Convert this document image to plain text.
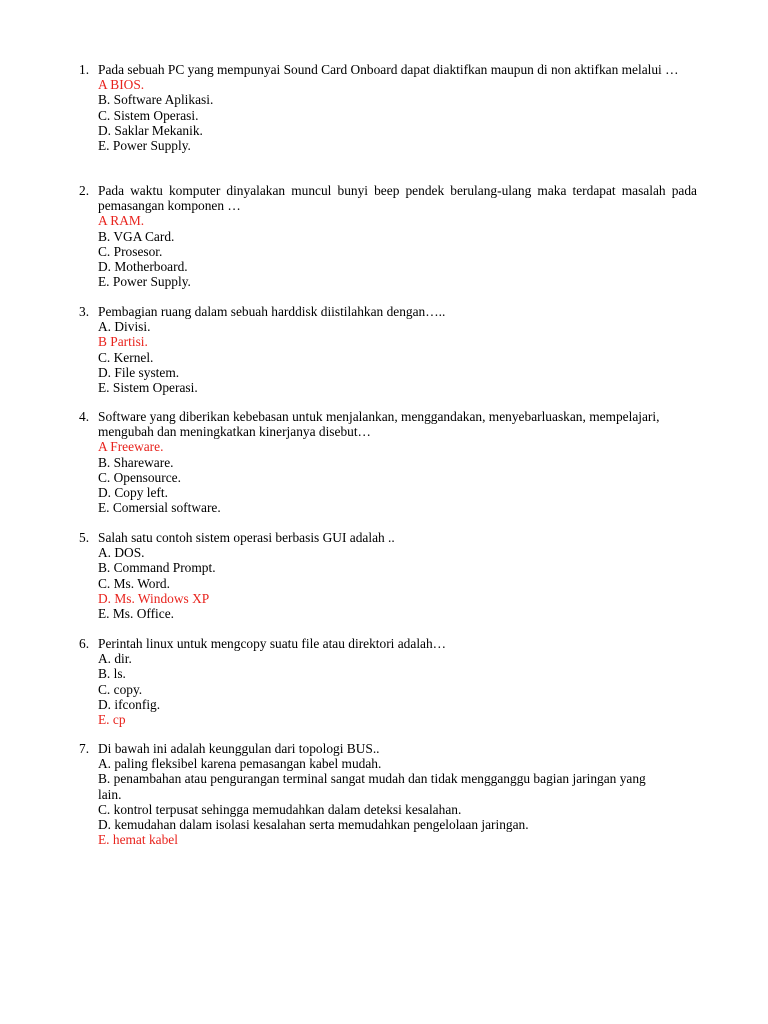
1. Pada sebuah PC yang mempunyai Sound Card Onboard dapat diaktifkan maupun di non aktifkan melalui …
A BIOS.
B. Software Aplikasi.
C. Sistem Operasi.
D. Saklar Mekanik.
E. Power Supply.
2. Pada waktu komputer dinyalakan muncul bunyi beep pendek berulang-ulang maka terdapat masalah pada pemasangan komponen …
A RAM.
B. VGA Card.
C. Prosesor.
D. Motherboard.
E. Power Supply.
3. Pembagian ruang dalam sebuah harddisk diistilahkan dengan…..
A. Divisi.
B Partisi.
C. Kernel.
D. File system.
E. Sistem Operasi.
4. Software yang diberikan kebebasan untuk menjalankan, menggandakan, menyebarluaskan, mempelajari, mengubah dan meningkatkan kinerjanya disebut…
A Freeware.
B. Shareware.
C. Opensource.
D. Copy left.
E. Comersial software.
5. Salah satu contoh sistem operasi berbasis GUI adalah ..
A. DOS.
B. Command Prompt.
C. Ms. Word.
D. Ms. Windows XP
E. Ms. Office.
6. Perintah linux untuk mengcopy suatu file atau direktori adalah…
A. dir.
B. ls.
C. copy.
D. ifconfig.
E. cp
7. Di bawah ini adalah keunggulan dari topologi BUS..
A. paling fleksibel karena pemasangan kabel mudah.
B. penambahan atau pengurangan terminal sangat mudah dan tidak mengganggu bagian jaringan yang lain.
C. kontrol terpusat sehingga memudahkan dalam deteksi kesalahan.
D. kemudahan dalam isolasi kesalahan serta memudahkan pengelolaan jaringan.
E. hemat kabel
